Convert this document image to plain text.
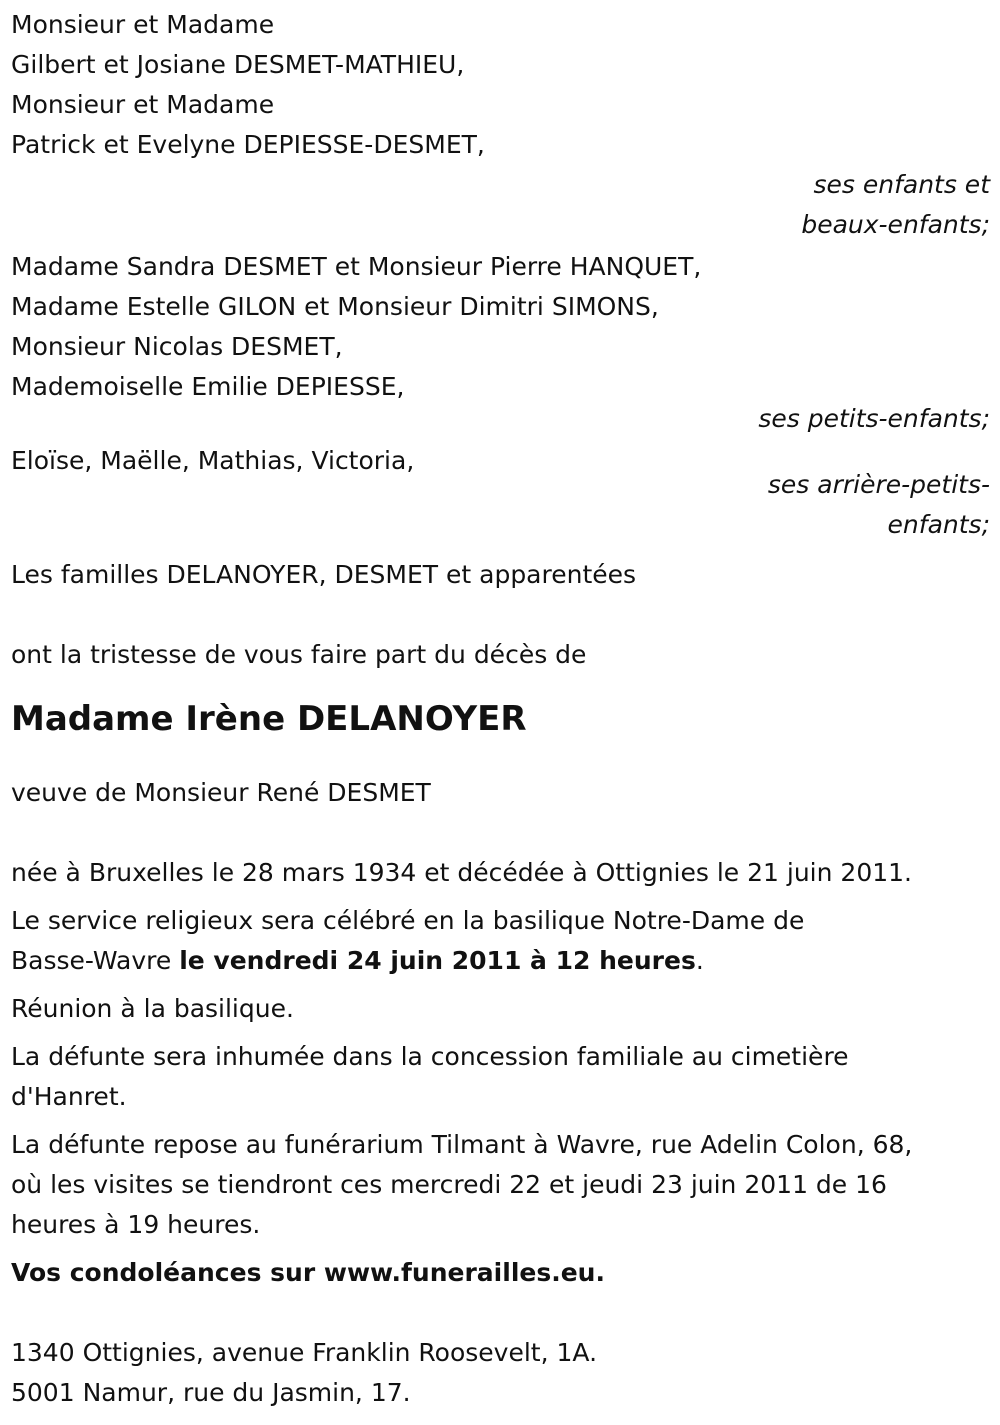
Monsieur et Madame
Gilbert et Josiane DESMET-MATHIEU,
Monsieur et Madame
Patrick et Evelyne DEPIESSE-DESMET,
ses enfants et
beaux-enfants;
Madame Sandra DESMET et Monsieur Pierre HANQUET,
Madame Estelle GILON et Monsieur Dimitri SIMONS,
Monsieur Nicolas DESMET,
Mademoiselle Emilie DEPIESSE,
ses petits-enfants;
Eloïse, Maëlle, Mathias, Victoria,
ses arrière-petits-
enfants;
Les familles DELANOYER, DESMET et apparentées
ont la tristesse de vous faire part du décès de
Madame Irène DELANOYER
veuve de Monsieur René DESMET
née à Bruxelles le 28 mars 1934 et décédée à Ottignies le 21 juin 2011.
Le service religieux sera célébré en la basilique Notre-Dame de
Basse-Wavre le vendredi 24 juin 2011 à 12 heures.
Réunion à la basilique.
La défunte sera inhumée dans la concession familiale au cimetière
d'Hanret.
La défunte repose au funérarium Tilmant à Wavre, rue Adelin Colon, 68,
où les visites se tiendront ces mercredi 22 et jeudi 23 juin 2011 de 16
heures à 19 heures.
Vos condoléances sur www.funerailles.eu.
1340 Ottignies, avenue Franklin Roosevelt, 1A.
5001 Namur, rue du Jasmin, 17.
